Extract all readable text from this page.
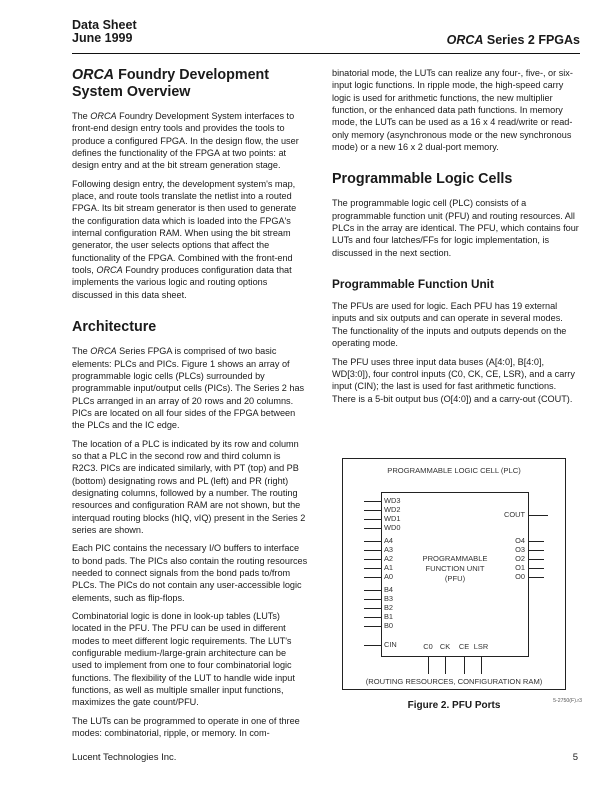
Data Sheet
June 1999	ORCA Series 2 FPGAs
ORCA Foundry Development System Overview

The ORCA Foundry Development System interfaces to front-end design entry tools and provides the tools to produce a configured FPGA. In the design flow, the user defines the functionality of the FPGA at two points: at design entry and at the bit stream generation stage.

Following design entry, the development system's map, place, and route tools translate the netlist into a routed FPGA. Its bit stream generator is then used to generate the configuration data which is loaded into the FPGA's internal configuration RAM. When using the bit stream generator, the user selects options that affect the functionality of the FPGA. Combined with the front-end tools, ORCA Foundry produces configuration data that implements the various logic and routing options discussed in this data sheet.

Architecture

The ORCA Series FPGA is comprised of two basic elements: PLCs and PICs. Figure 1 shows an array of programmable logic cells (PLCs) surrounded by programmable input/output cells (PICs). The Series 2 has PLCs arranged in an array of 20 rows and 20 columns. PICs are located on all four sides of the FPGA between the PLCs and the IC edge.

The location of a PLC is indicated by its row and column so that a PLC in the second row and third column is R2C3. PICs are indicated similarly, with PT (top) and PB (bottom) designating rows and PL (left) and PR (right) designating columns, followed by a number. The routing resources and configuration RAM are not shown, but the interquad routing blocks (hIQ, vIQ) present in the Series 2 series are shown.

Each PIC contains the necessary I/O buffers to interface to bond pads. The PICs also contain the routing resources needed to connect signals from the bond pads to/from PLCs. The PICs do not contain any user-accessible logic elements, such as flip-flops.

Combinatorial logic is done in look-up tables (LUTs) located in the PFU. The PFU can be used in different modes to meet different logic requirements. The LUT's configurable medium-/large-grain architecture can be used to implement from one to four combinatorial logic functions. The flexibility of the LUT to handle wide input functions, as well as multiple smaller input functions, maximizes the gate count/PFU.

The LUTs can be programmed to operate in one of three modes: combinatorial, ripple, or memory. In com-

binatorial mode, the LUTs can realize any four-, five-, or six-input logic functions. In ripple mode, the high-speed carry logic is used for arithmetic functions, the new multiplier function, or the enhanced data path functions. In memory mode, the LUTs can be used as a 16 x 4 read/write or read-only memory (asynchronous mode or the new synchronous mode) or a new 16 x 2 dual-port memory.

Programmable Logic Cells

The programmable logic cell (PLC) consists of a programmable function unit (PFU) and routing resources. All PLCs in the array are identical. The PFU, which contains four LUTs and four latches/FFs for logic implementation, is discussed in the next section.

Programmable Function Unit

The PFUs are used for logic. Each PFU has 19 external inputs and six outputs and can operate in several modes. The functionality of the inputs and outputs depends on the operating mode.

The PFU uses three input data buses (A[4:0], B[4:0], WD[3:0]), four control inputs (C0, CK, CE, LSR), and a carry input (CIN); the last is used for fast arithmetic functions. There is a 5-bit output bus (O[4:0]) and a carry-out (COUT).

PROGRAMMABLE LOGIC CELL (PLC)
PROGRAMMABLE
FUNCTION UNIT
(PFU)
WD3
WD2
WD1
WD0
A4
A3
A2
A1
A0
B4
B3
B2
B1
B0
CIN
COUT
O4
O3
O2
O1
O0
C0 CK	CE LSR
(ROUTING RESOURCES, CONFIGURATION RAM)
Figure 2. PFU Ports	5-2750(F).r3
Lucent Technologies Inc.	5
